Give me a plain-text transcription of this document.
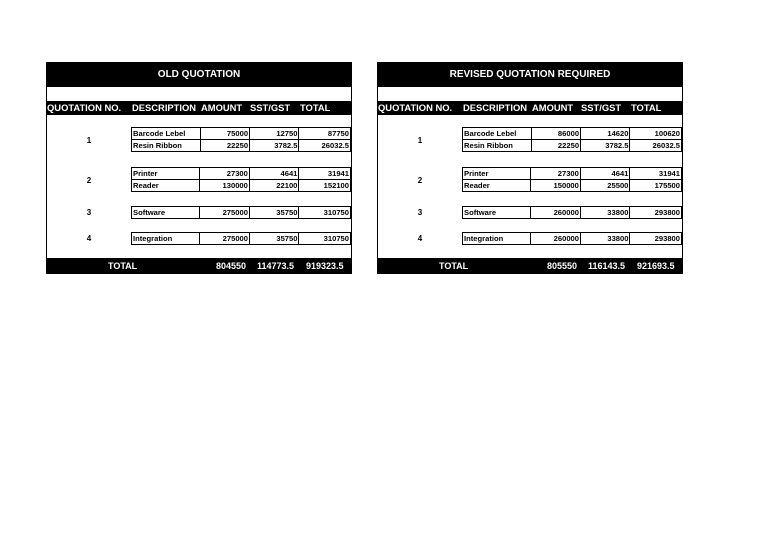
OLD QUOTATION
QUOTATION NO. DESCRIPTION AMOUNT SST/GST TOTAL
1
Barcode Lebel	75000	12750	87750
Resin Ribbon	22250	3782.5	26032.5
2
Printer	27300	4641	31941
Reader	130000	22100	152100
3	Software	275000	35750	310750
4	Integration	275000	35750	310750
TOTAL	804550 114773.5 919323.5
REVISED QUOTATION REQUIRED
QUOTATION NO. DESCRIPTION AMOUNT SST/GST TOTAL
1
Barcode Lebel	86000	14620	100620
Resin Ribbon	22250	3782.5	26032.5
2
Printer	27300	4641	31941
Reader	150000	25500	175500
3	Software	260000	33800	293800
4	Integration	260000	33800	293800
TOTAL	805550 116143.5 921693.5
